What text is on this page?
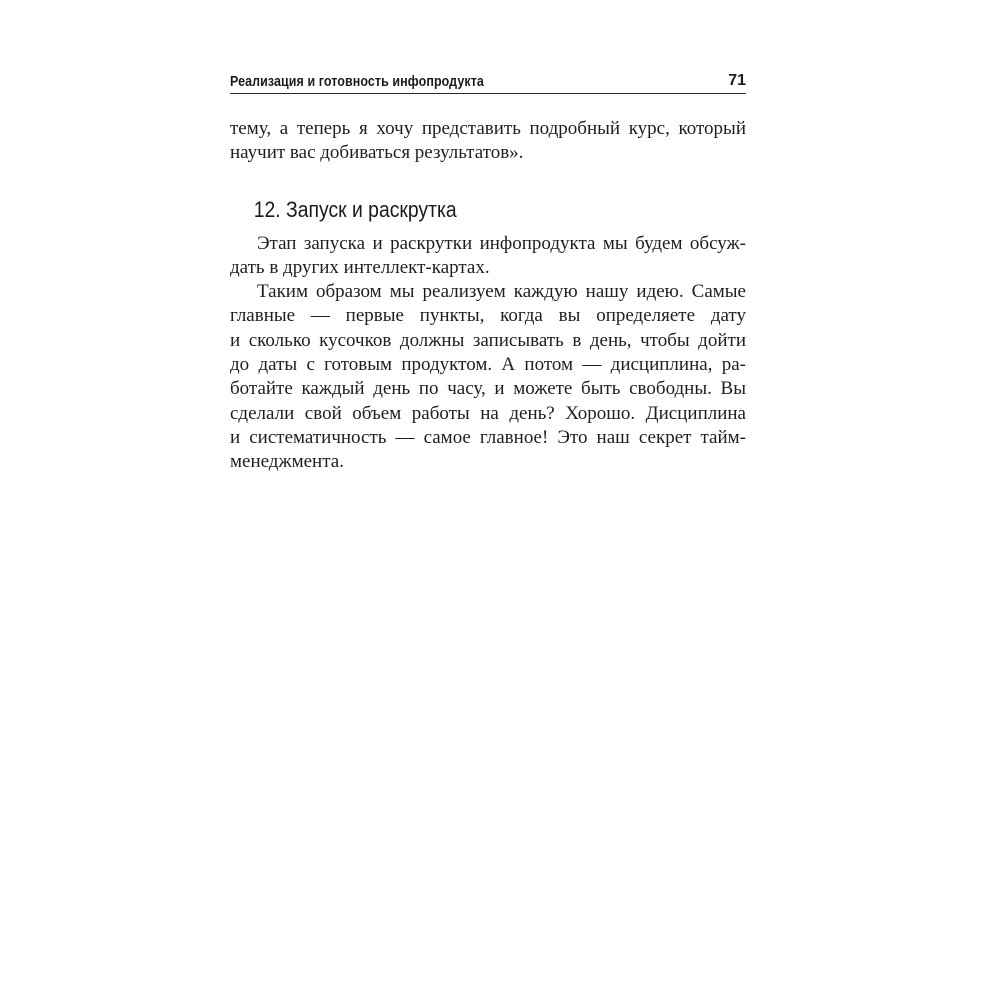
Реализация и готовность инфопродукта	71
тему, а теперь я хочу представить подробный курс, который
научит вас добиваться результатов».
12. Запуск и раскрутка
Этап запуска и раскрутки инфопродукта мы будем обсуж-
дать в других интеллект-картах.
Таким образом мы реализуем каждую нашу идею. Самые
главные — первые пункты, когда вы определяете дату
и сколько кусочков должны записывать в день, чтобы дойти
до даты с готовым продуктом. А потом — дисциплина, ра-
ботайте каждый день по часу, и можете быть свободны. Вы
сделали свой объем работы на день? Хорошо. Дисциплина
и систематичность — самое главное! Это наш секрет тайм-
менеджмента.
